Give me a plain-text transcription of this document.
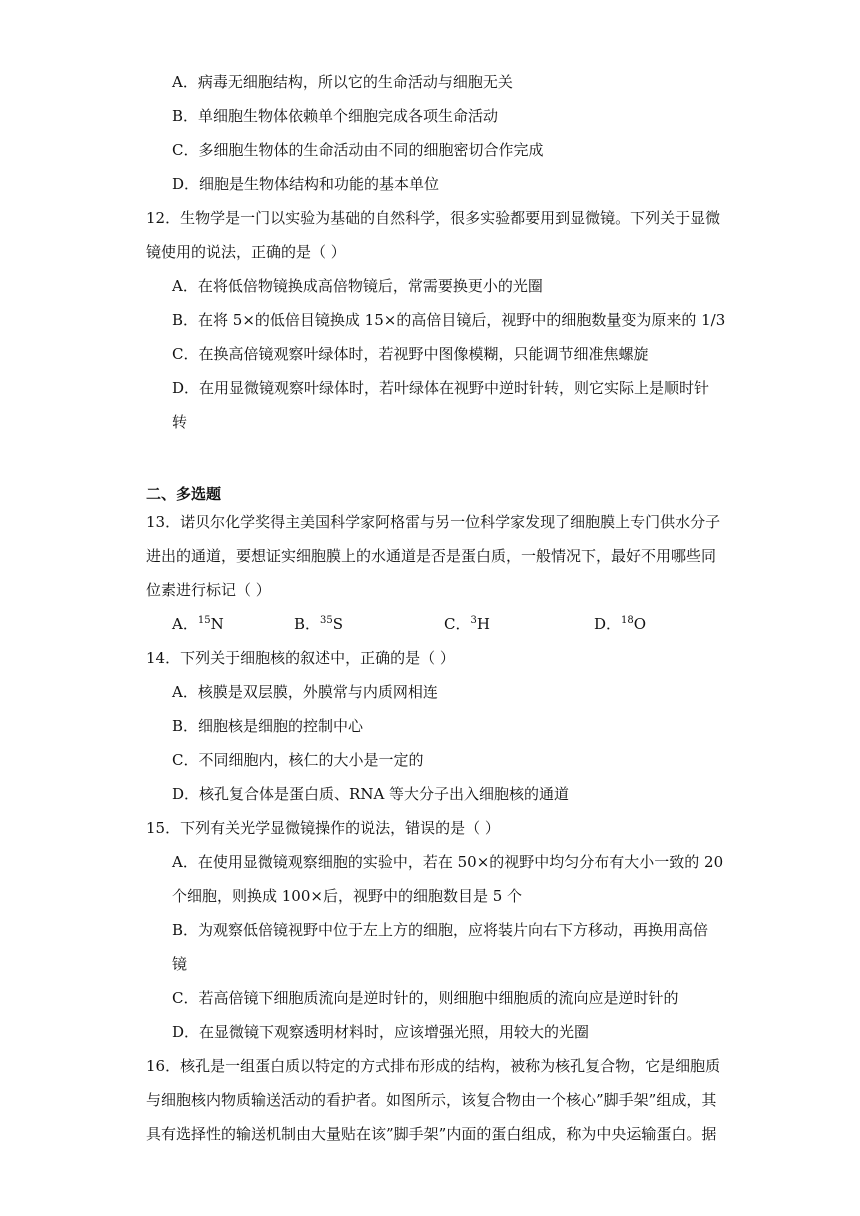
A．病毒无细胞结构，所以它的生命活动与细胞无关
B．单细胞生物体依赖单个细胞完成各项生命活动
C．多细胞生物体的生命活动由不同的细胞密切合作完成
D．细胞是生物体结构和功能的基本单位
12．生物学是一门以实验为基础的自然科学，很多实验都要用到显微镜。下列关于显微
镜使用的说法，正确的是（ ）
A．在将低倍物镜换成高倍物镜后，常需要换更小的光圈
B．在将 5×的低倍目镜换成 15×的高倍目镜后，视野中的细胞数量变为原来的 1/3
C．在换高倍镜观察叶绿体时，若视野中图像模糊，只能调节细准焦螺旋
D．在用显微镜观察叶绿体时，若叶绿体在视野中逆时针转，则它实际上是顺时针
转
二、多选题
13．诺贝尔化学奖得主美国科学家阿格雷与另一位科学家发现了细胞膜上专门供水分子
进出的通道，要想证实细胞膜上的水通道是否是蛋白质，一般情况下，最好不用哪些同
位素进行标记（ ）
A．$^{15}$N	B．$^{35}$S	C．$^3$H	D．$^{18}$O
14．下列关于细胞核的叙述中，正确的是（ ）
A．核膜是双层膜，外膜常与内质网相连
B．细胞核是细胞的控制中心
C．不同细胞内，核仁的大小是一定的
D．核孔复合体是蛋白质、RNA 等大分子出入细胞核的通道
15．下列有关光学显微镜操作的说法，错误的是（ ）
A．在使用显微镜观察细胞的实验中，若在 50×的视野中均匀分布有大小一致的 20
个细胞，则换成 100×后，视野中的细胞数目是 5 个
B．为观察低倍镜视野中位于左上方的细胞，应将装片向右下方移动，再换用高倍
镜
C．若高倍镜下细胞质流向是逆时针的，则细胞中细胞质的流向应是逆时针的
D．在显微镜下观察透明材料时，应该增强光照，用较大的光圈
16．核孔是一组蛋白质以特定的方式排布形成的结构，被称为核孔复合物，它是细胞质
与细胞核内物质输送活动的看护者。如图所示，该复合物由一个核心”脚手架”组成，其
具有选择性的输送机制由大量贴在该”脚手架”内面的蛋白组成，称为中央运输蛋白。据
